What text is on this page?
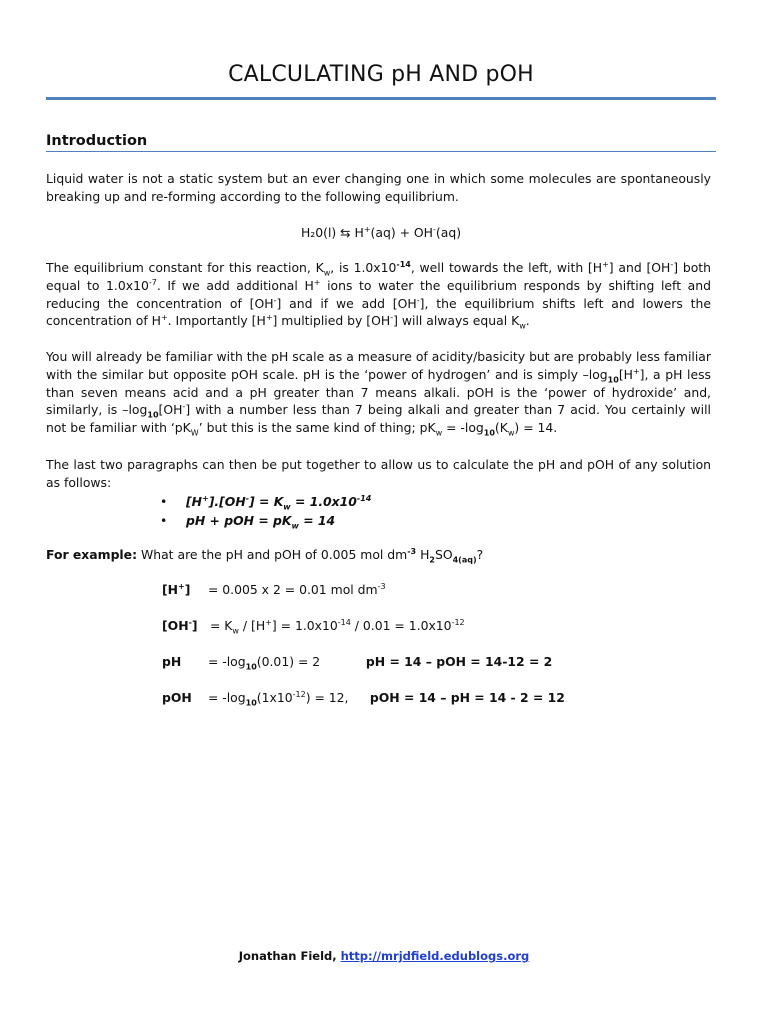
CALCULATING pH AND pOH
Introduction
Liquid water is not a static system but an ever changing one in which some molecules are spontaneously breaking up and re-forming according to the following equilibrium.
H₂0(l) ⇆ H+(aq) + OH-(aq)
The equilibrium constant for this reaction, $K_w$, is $1.0x10^{-14}$, well towards the left, with [H+] and [OH-] both equal to $1.0x10^{-7}$. If we add additional H+ ions to water the equilibrium responds by shifting left and reducing the concentration of [OH-] and if we add [OH-], the equilibrium shifts left and lowers the concentration of H+. Importantly [H+] multiplied by [OH-] will always equal $K_w$.
You will already be familiar with the pH scale as a measure of acidity/basicity but are probably less familiar with the similar but opposite pOH scale. pH is the ‘power of hydrogen’ and is simply $-\log_{10}[H^+]$, a pH less than seven means acid and a pH greater than 7 means alkali. pOH is the ‘power of hydroxide’ and, similarly, is $-\log_{10}[OH^-]$ with a number less than 7 being alkali and greater than 7 acid. You certainly will not be familiar with ‘$pK_W$’ but this is the same kind of thing; $pK_w = -\log_{10}(K_w) = 14$.
The last two paragraphs can then be put together to allow us to calculate the pH and pOH of any solution as follows:
•	$[H^+].[OH^-] = K_w = 1.0x10^{-14}$
•	pH + pOH = $pK_w = 14$
For example: What are the pH and pOH of 0.005 mol $dm^{-3}$ $H_2SO_{4(aq)}$?
[H+] = 0.005 x 2 = 0.01 mol $dm^{-3}$
$[OH^-] = K_w / [H^+] = 1.0x10^{-14} / 0.01 = 1.0x10^{-12}$
pH = $-\log_{10}(0.01) = 2$	pH = 14 – pOH = 14-12 = 2
pOH = $-\log_{10}(1x10^{-12}) = 12$, pOH = 14 – pH = 14 - 2 = 12
Jonathan Field, http://mrjdfield.edublogs.org
